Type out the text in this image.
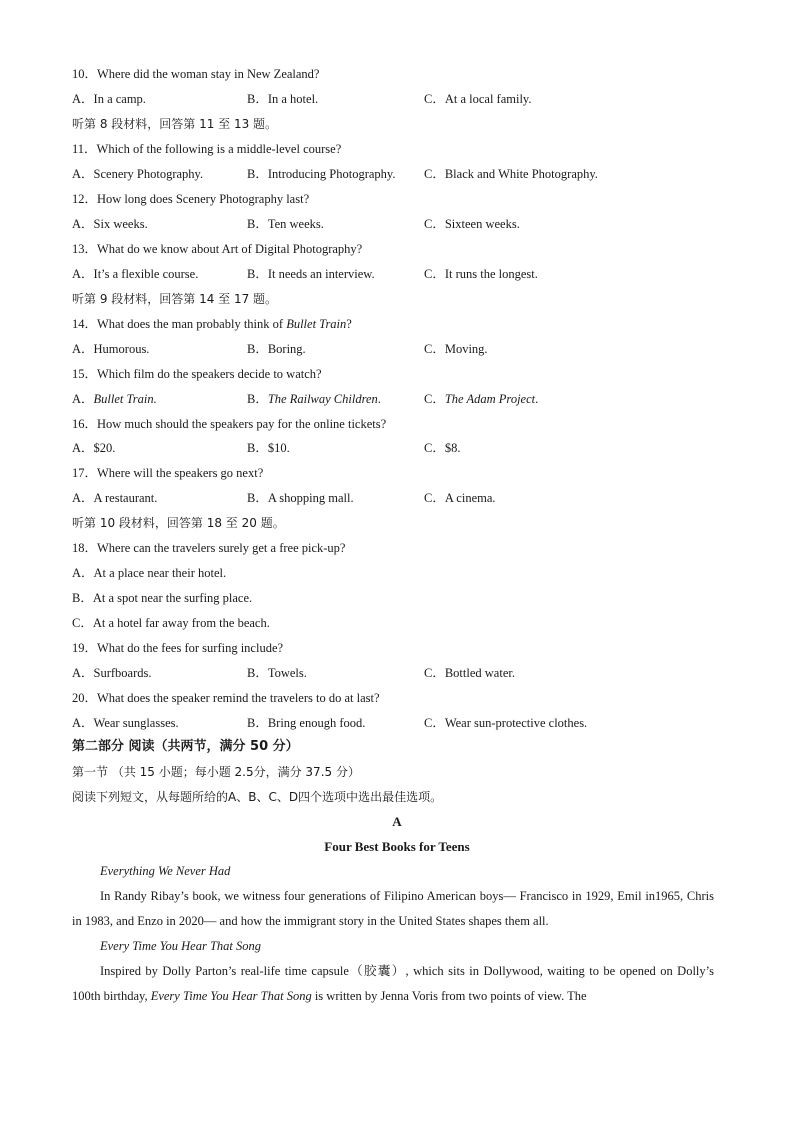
10．Where did the woman stay in New Zealand?
A．In a camp.	B．In a hotel.	C．At a local family.
听第 8 段材料，回答第 11 至 13 题。
11．Which of the following is a middle-level course?
A．Scenery Photography.	B．Introducing Photography. C．Black and White Photography.
12．How long does Scenery Photography last?
A．Six weeks.	B．Ten weeks.	C．Sixteen weeks.
13．What do we know about Art of Digital Photography?
A．It’s a flexible course.	B．It needs an interview.	C．It runs the longest.
听第 9 段材料，回答第 14 至 17 题。
14．What does the man probably think of Bullet Train?
A．Humorous.	B．Boring.	C．Moving.
15．Which film do the speakers decide to watch?
A．Bullet Train.	B．The Railway Children.	C．The Adam Project.
16．How much should the speakers pay for the online tickets?
A．$20.	B．$10.	C．$8.
17．Where will the speakers go next?
A．A restaurant.	B．A shopping mall.	C．A cinema.
听第 10 段材料，回答第 18 至 20 题。
18．Where can the travelers surely get a free pick-up?
A．At a place near their hotel.
B．At a spot near the surfing place.
C．At a hotel far away from the beach.
19．What do the fees for surfing include?
A．Surfboards.	B．Towels.	C．Bottled water.
20．What does the speaker remind the travelers to do at last?
A．Wear sunglasses.	B．Bring enough food.	C．Wear sun-protective clothes.
第二部分 阅读（共两节，满分 50 分）
第一节 （共 15 小题；每小题 2.5分，满分 37.5 分）
阅读下列短文，从每题所给的A、B、C、D四个选项中选出最佳选项。
A
Four Best Books for Teens
Everything We Never Had
In Randy Ribay’s book, we witness four generations of Filipino American boys— Francisco in 1929, Emil in1965, Chris in 1983, and Enzo in 2020— and how the immigrant story in the United States shapes them all.
Every Time You Hear That Song
Inspired by Dolly Parton’s real-life time capsule（胶囊）, which sits in Dollywood, waiting to be opened on Dolly’s 100th birthday, Every Time You Hear That Song is written by Jenna Voris from two points of view. The
